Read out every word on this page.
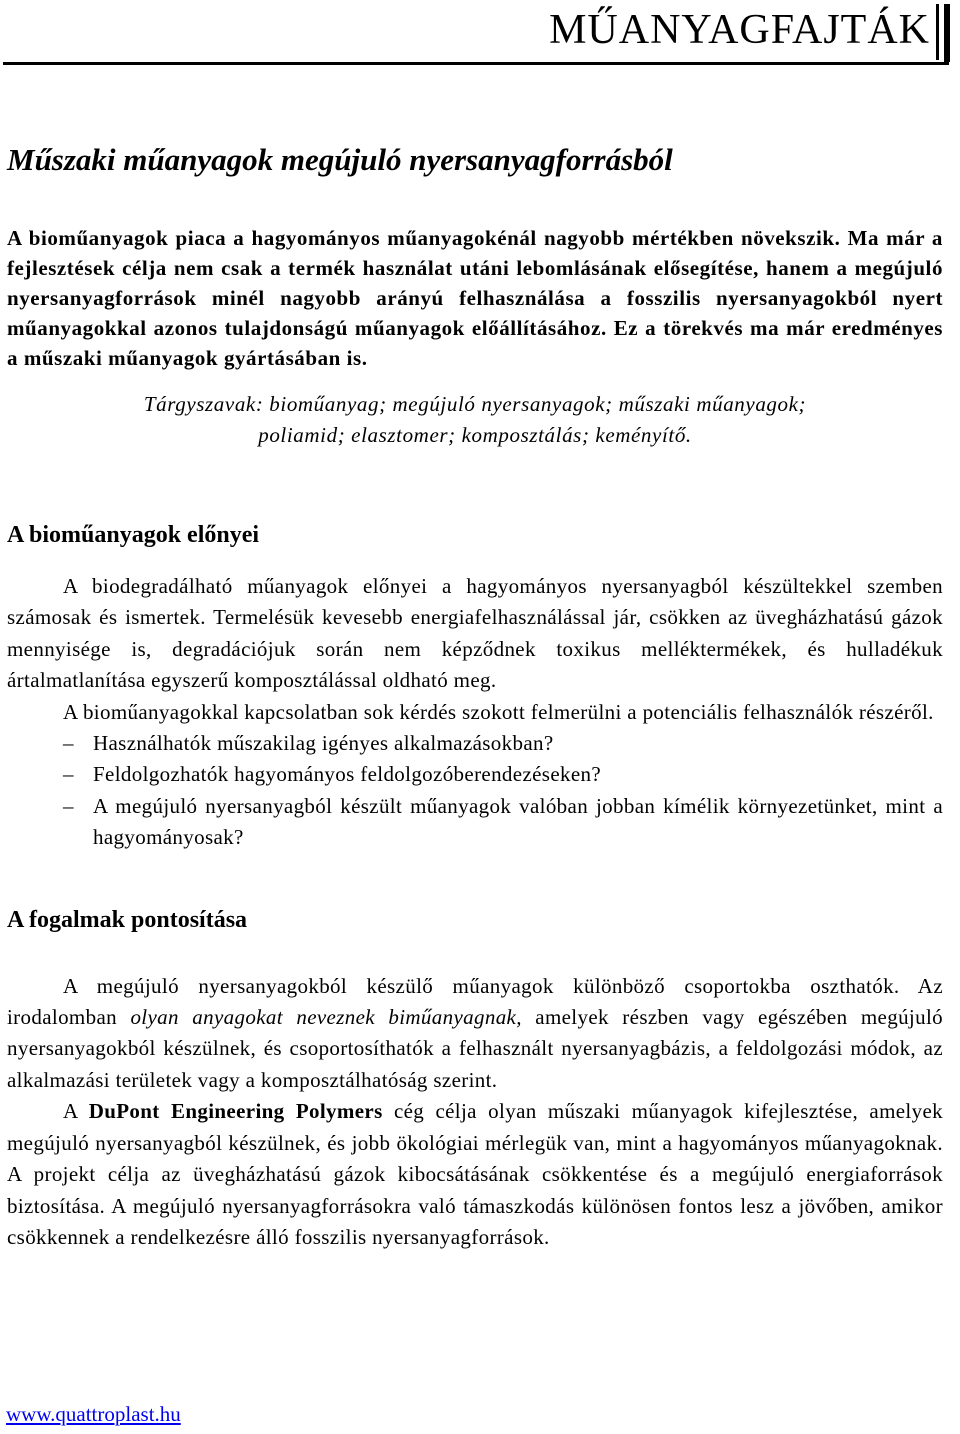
MŰANYAGFAJTÁK
Műszaki műanyagok megújuló nyersanyagforrásból

A bioműanyagok piaca a hagyományos műanyagokénál nagyobb mértékben növekszik. Ma már a fejlesztések célja nem csak a termék használat utáni lebomlásának elősegítése, hanem a megújuló nyersanyagforrások minél nagyobb arányú felhasználása a fosszilis nyersanyagokból nyert műanyagokkal azonos tulajdonságú műanyagok előállításához. Ez a törekvés ma már eredményes a műszaki műanyagok gyártásában is.

Tárgyszavak: bioműanyag; megújuló nyersanyagok; műszaki műanyagok;
poliamid; elasztomer; komposztálás; keményítő.

A bioműanyagok előnyei

A biodegradálható műanyagok előnyei a hagyományos nyersanyagból készültekkel szemben számosak és ismertek. Termelésük kevesebb energiafelhasználással jár, csökken az üvegházhatású gázok mennyisége is, degradációjuk során nem képződnek toxikus melléktermékek, és hulladékuk ártalmatlanítása egyszerű komposztálással oldható meg.

A bioműanyagokkal kapcsolatban sok kérdés szokott felmerülni a potenciális felhasználók részéről.

– Használhatók műszakilag igényes alkalmazásokban?
– Feldolgozhatók hagyományos feldolgozóberendezéseken?
– A megújuló nyersanyagból készült műanyagok valóban jobban kímélik környezetünket, mint a hagyományosak?
A fogalmak pontosítása

A megújuló nyersanyagokból készülő műanyagok különböző csoportokba oszthatók. Az irodalomban olyan anyagokat neveznek biműanyagnak, amelyek részben vagy egészében megújuló nyersanyagokból készülnek, és csoportosíthatók a felhasznált nyersanyagbázis, a feldolgozási módok, az alkalmazási területek vagy a komposztálhatóság szerint.

A DuPont Engineering Polymers cég célja olyan műszaki műanyagok kifejlesztése, amelyek megújuló nyersanyagból készülnek, és jobb ökológiai mérlegük van, mint a hagyományos műanyagoknak. A projekt célja az üvegházhatású gázok kibocsátásának csökkentése és a megújuló energiaforrások biztosítása. A megújuló nyersanyagforrásokra való támaszkodás különösen fontos lesz a jövőben, amikor csökkennek a rendelkezésre álló fosszilis nyersanyagforrások.

www.quattroplast.hu
